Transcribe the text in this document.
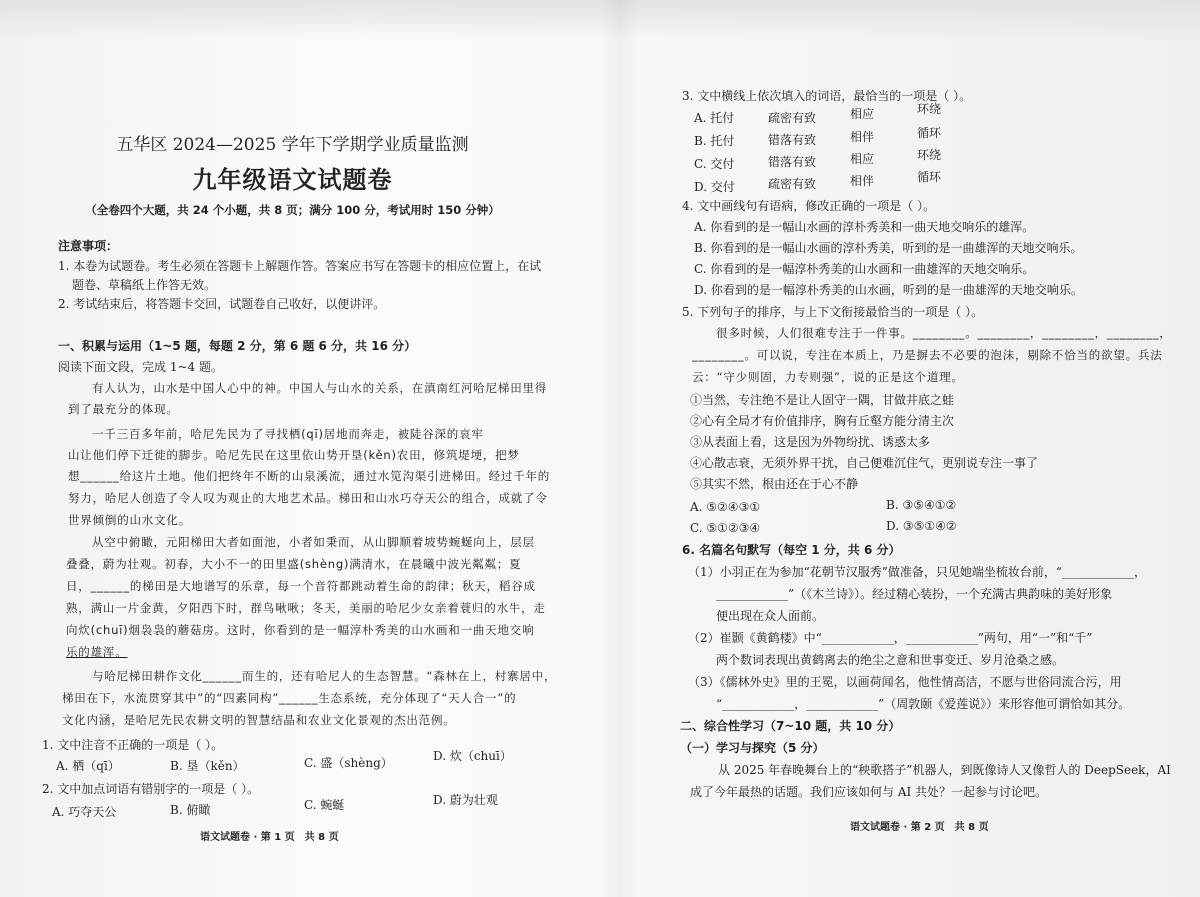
五华区 2024—2025 学年下学期学业质量监测
九年级语文试题卷
（全卷四个大题，共 24 个小题，共 8 页；满分 100 分，考试用时 150 分钟）
注意事项：
1. 本卷为试题卷。考生必须在答题卡上解题作答。答案应书写在答题卡的相应位置上，在试
题卷、草稿纸上作答无效。
2. 考试结束后，将答题卡交回，试题卷自己收好，以便讲评。
一、积累与运用（1~5 题，每题 2 分，第 6 题 6 分，共 16 分）
阅读下面文段，完成 1~4 题。
有人认为，山水是中国人心中的神。中国人与山水的关系，在滇南红河哈尼梯田里得
到了最充分的体现。
一千三百多年前，哈尼先民为了寻找栖(qī)居地而奔走，被陡谷深的哀牢
山让他们停下迁徙的脚步。哈尼先民在这里依山势开垦(kěn)农田，修筑堤埂，把梦
想______给这片土地。他们把终年不断的山泉溪流，通过水笕沟渠引进梯田。经过千年的
努力，哈尼人创造了令人叹为观止的大地艺术品。梯田和山水巧夺天公的组合，成就了令
世界倾倒的山水文化。
从空中俯瞰，元阳梯田大者如面池，小者如秉而，从山脚顺着坡势蜿蜒向上，层层
叠叠，蔚为壮观。初春，大小不一的田里盛(shèng)满清水，在晨曦中波光粼粼；夏
日，______的梯田是大地谱写的乐章，每一个音符都跳动着生命的韵律；秋天，稻谷成
熟，满山一片金黄，夕阳西下时，群鸟啾啾；冬天，美丽的哈尼少女亲着蓑归的水牛，走
向炊(chuī)烟袅袅的蘑菇房。这时，你看到的是一幅淳朴秀美的山水画和一曲天地交响
乐的雄浑。
与哈尼梯田耕作文化______而生的，还有哈尼人的生态智慧。“森林在上，村寨居中，
梯田在下，水流贯穿其中”的“四素同构”______生态系统，充分体现了“天人合一”的
文化内涵，是哈尼先民农耕文明的智慧结晶和农业文化景观的杰出范例。
1. 文中注音不正确的一项是（ ）。
A. 栖（qī）	B. 垦（kěn）	C. 盛（shèng）	D. 炊（chuī）
2. 文中加点词语有错别字的一项是（ ）。
A. 巧夺天公	B. 俯瞰	C. 蜿蜒	D. 蔚为壮观
语文试题卷 · 第 1 页　共 8 页
3. 文中横线上依次填入的词语，最恰当的一项是（ ）。
A. 托付	疏密有致	相应	环绕
B. 托付	错落有致	相伴	循环
C. 交付	错落有致	相应	环绕
D. 交付	疏密有致	相伴	循环
4. 文中画线句有语病，修改正确的一项是（ ）。
A. 你看到的是一幅山水画的淳朴秀美和一曲天地交响乐的雄浑。
B. 你看到的是一幅山水画的淳朴秀美，听到的是一曲雄浑的天地交响乐。
C. 你看到的是一幅淳朴秀美的山水画和一曲雄浑的天地交响乐。
D. 你看到的是一幅淳朴秀美的山水画，听到的是一曲雄浑的天地交响乐。
5. 下列句子的排序，与上下文衔接最恰当的一项是（ ）。
很多时候，人们很难专注于一件事。________。________，________，________，
________。可以说，专注在本质上，乃是摒去不必要的泡沫，剔除不恰当的欲望。兵法
云：“守少则固，力专则强”，说的正是这个道理。
①当然，专注绝不是让人固守一隅，甘做井底之蛙
②心有全局才有价值排序，胸有丘壑方能分清主次
③从表面上看，这是因为外物纷扰、诱惑太多
④心散志衰，无须外界干扰，自己便难沉住气，更别说专注一事了
⑤其实不然，根由还在于心不静
A. ⑤②④③①	B. ③⑤④①②
C. ⑤①②③④	D. ③⑤①④②
6. 名篇名句默写（每空 1 分，共 6 分）
（1）小羽正在为参加“花朝节汉服秀”做准备，只见她端坐梳妆台前，“____________，
____________”（《木兰诗》）。经过精心装扮，一个充满古典韵味的美好形象
便出现在众人面前。
（2）崔颢《黄鹤楼》中“____________，____________”两句，用“一”和“千”
两个数词表现出黄鹤离去的绝尘之意和世事变迁、岁月沧桑之感。
（3）《儒林外史》里的王冕，以画荷闻名，他性情高洁，不愿与世俗同流合污，用
“____________，____________”（周敦颐《爱莲说》）来形容他可谓恰如其分。
二、综合性学习（7~10 题，共 10 分）
（一）学习与探究（5 分）
从 2025 年春晚舞台上的“秧歌搭子”机器人，到既像诗人又像哲人的 DeepSeek，AI
成了今年最热的话题。我们应该如何与 AI 共处？一起参与讨论吧。
语文试题卷 · 第 2 页　共 8 页
